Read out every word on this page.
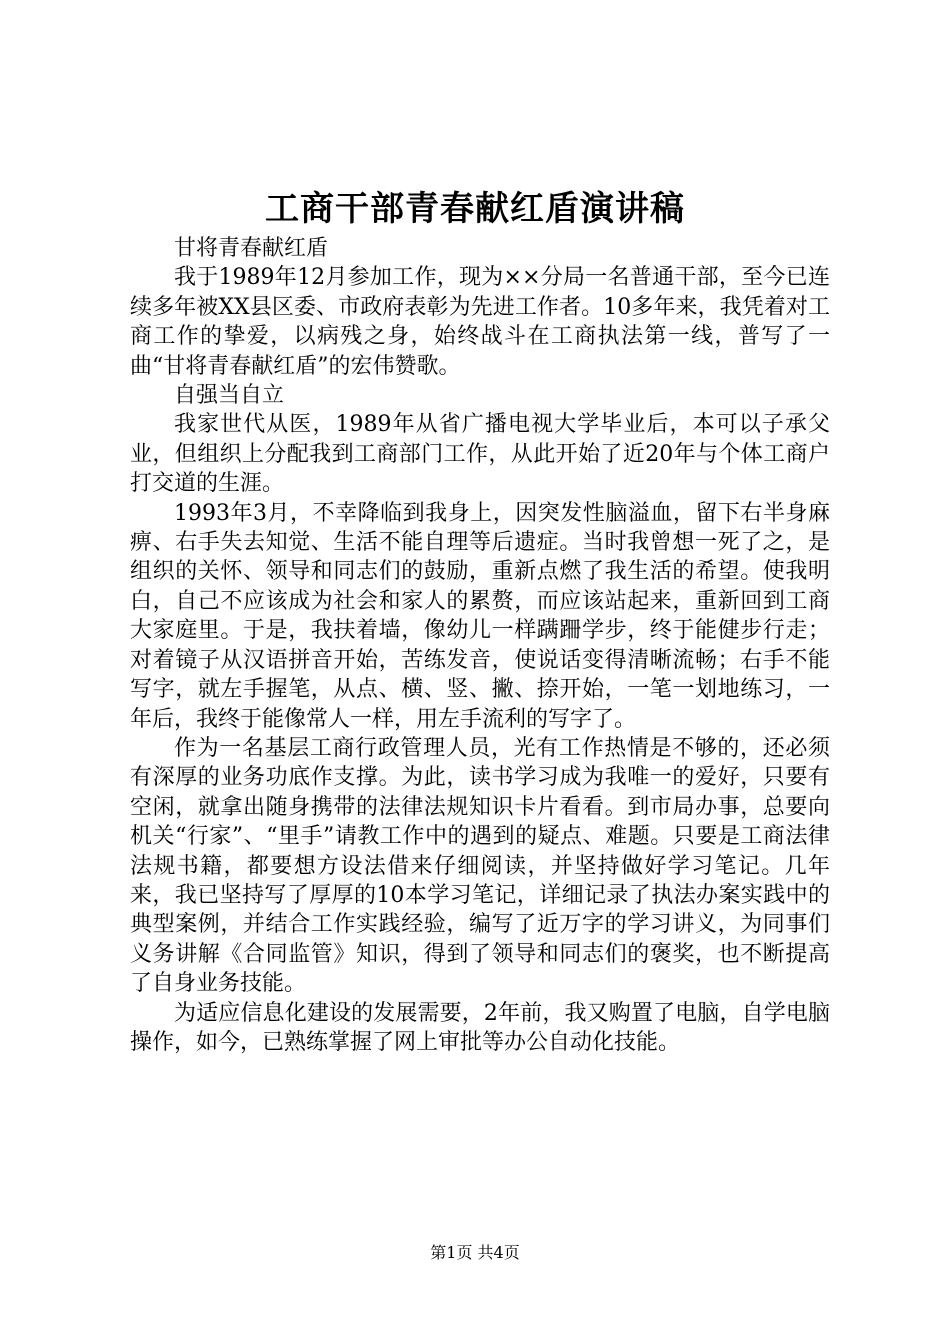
工商干部青春献红盾演讲稿

甘将青春献红盾

我于1989年12月参加工作，现为××分局一名普通干部，至今已连续多年被XX县区委、市政府表彰为先进工作者。10多年来，我凭着对工商工作的挚爱，以病残之身，始终战斗在工商执法第一线，普写了一曲“甘将青春献红盾”的宏伟赞歌。

自强当自立

我家世代从医，1989年从省广播电视大学毕业后，本可以子承父业，但组织上分配我到工商部门工作，从此开始了近20年与个体工商户打交道的生涯。

1993年3月，不幸降临到我身上，因突发性脑溢血，留下右半身麻痹、右手失去知觉、生活不能自理等后遗症。当时我曾想一死了之，是组织的关怀、领导和同志们的鼓励，重新点燃了我生活的希望。使我明白，自己不应该成为社会和家人的累赘，而应该站起来，重新回到工商大家庭里。于是，我扶着墙，像幼儿一样蹒跚学步，终于能健步行走；对着镜子从汉语拼音开始，苦练发音，使说话变得清晰流畅；右手不能写字，就左手握笔，从点、横、竖、撇、捺开始，一笔一划地练习，一年后，我终于能像常人一样，用左手流利的写字了。

作为一名基层工商行政管理人员，光有工作热情是不够的，还必须有深厚的业务功底作支撑。为此，读书学习成为我唯一的爱好，只要有空闲，就拿出随身携带的法律法规知识卡片看看。到市局办事，总要向机关“行家”、“里手”请教工作中的遇到的疑点、难题。只要是工商法律法规书籍，都要想方设法借来仔细阅读，并坚持做好学习笔记。几年来，我已坚持写了厚厚的10本学习笔记，详细记录了执法办案实践中的典型案例，并结合工作实践经验，编写了近万字的学习讲义，为同事们义务讲解《合同监管》知识，得到了领导和同志们的褒奖，也不断提高了自身业务技能。

为适应信息化建设的发展需要，2年前，我又购置了电脑，自学电脑操作，如今，已熟练掌握了网上审批等办公自动化技能。

第1页 共4页
